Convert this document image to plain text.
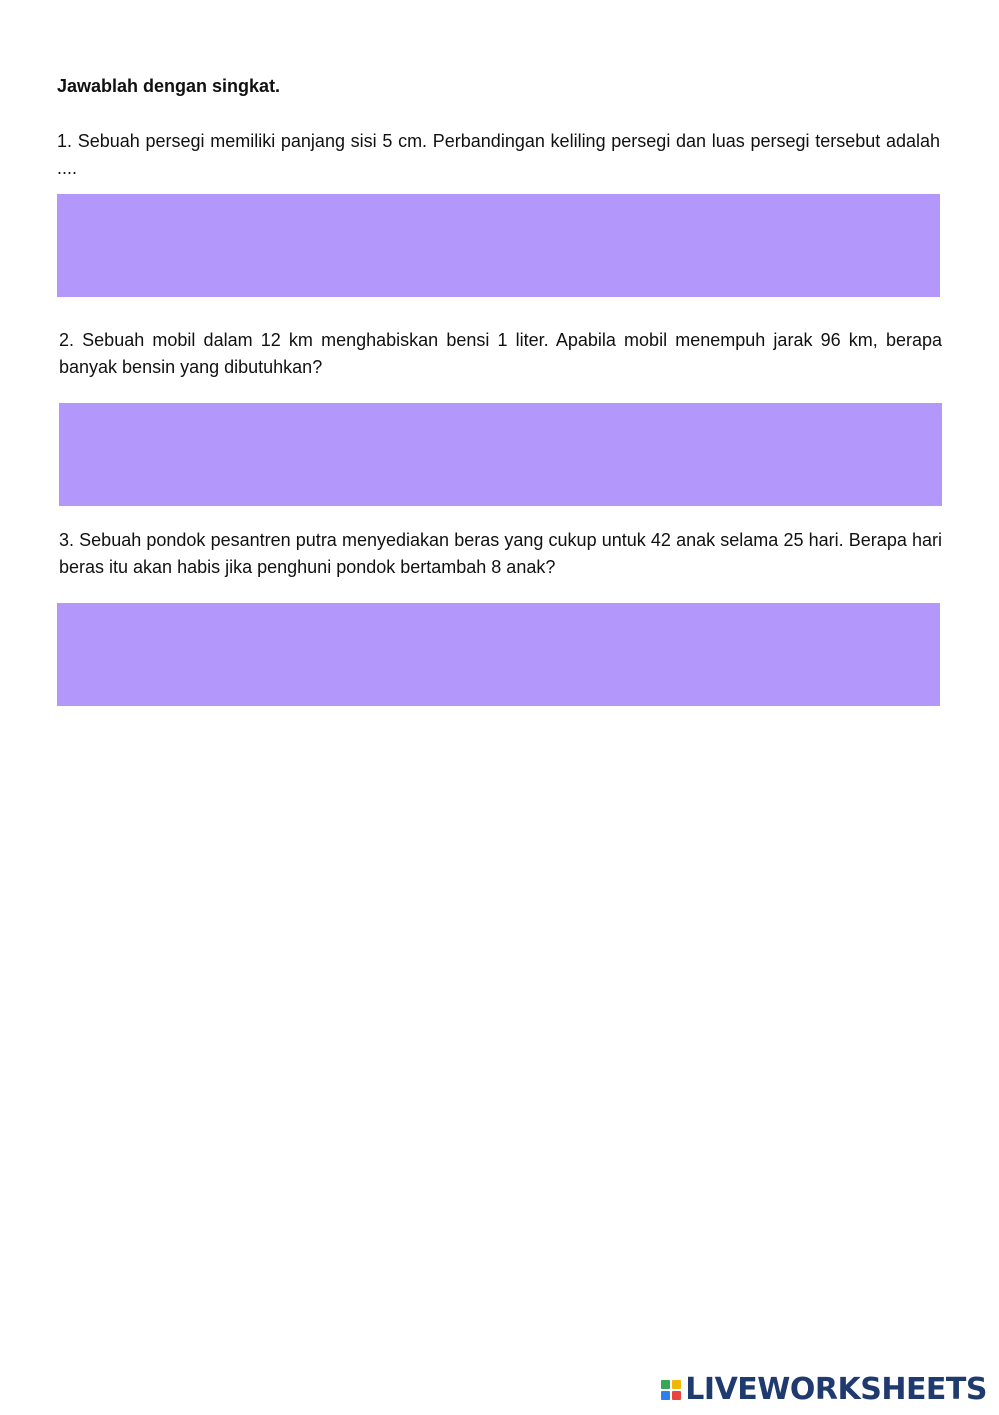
Jawablah dengan singkat.

1. Sebuah persegi memiliki panjang sisi 5 cm. Perbandingan keliling persegi dan luas persegi tersebut adalah ....

2. Sebuah mobil dalam 12 km menghabiskan bensi 1 liter. Apabila mobil menempuh jarak 96 km, berapa banyak bensin yang dibutuhkan?

3. Sebuah pondok pesantren putra menyediakan beras yang cukup untuk 42 anak selama 25 hari. Berapa hari beras itu akan habis jika penghuni pondok bertambah 8 anak?

LIVEWORKSHEETS
